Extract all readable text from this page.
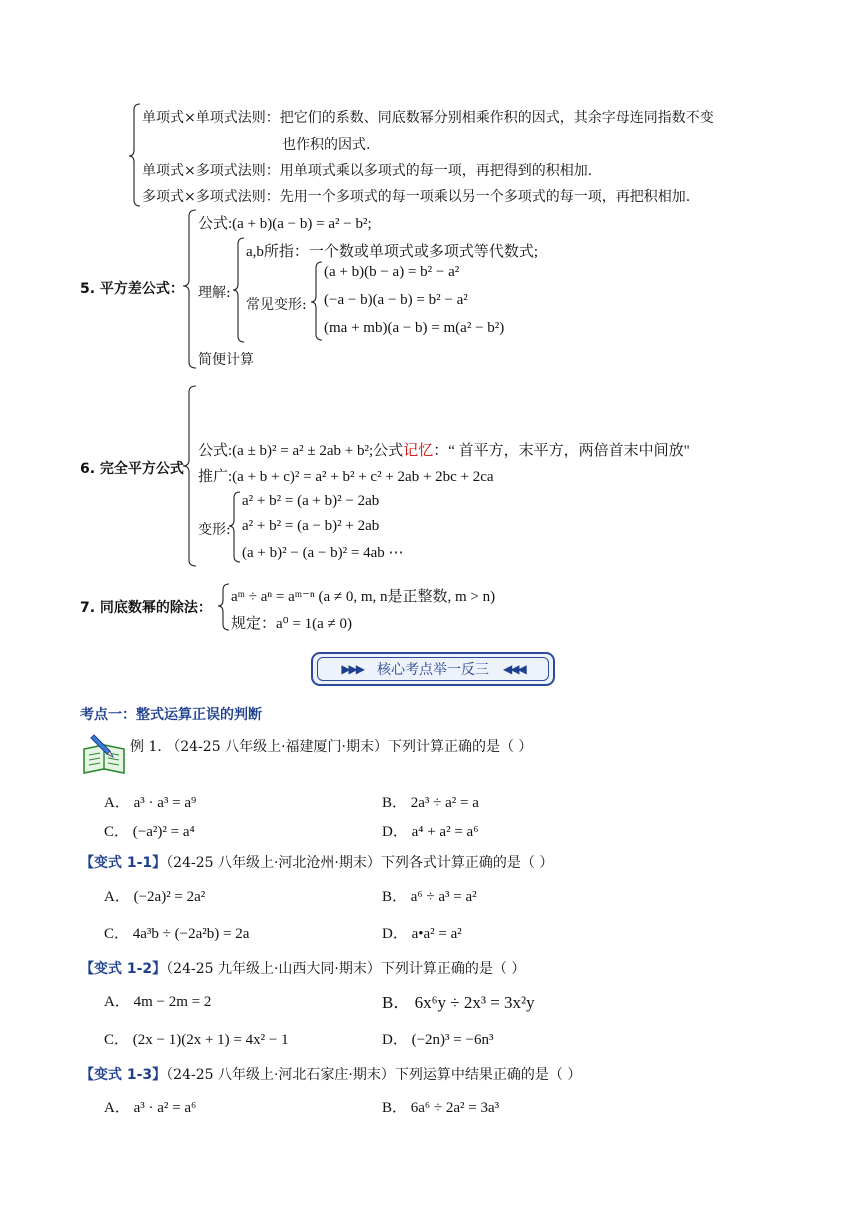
单项式×单项式法则：把它们的系数、同底数幂分别相乘作积的因式，其余字母连同指数不变
也作积的因式.
单项式×多项式法则：用单项式乘以多项式的每一项，再把得到的积相加.
多项式×多项式法则：先用一个多项式的每一项乘以另一个多项式的每一项，再把积相加.
5. 平方差公式：
公式:(a + b)(a − b) = a² − b²;
理解:
a,b所指：一个数或单项式或多项式等代数式;
常见变形:
(a + b)(b − a) = b² − a²
(−a − b)(a − b) = b² − a²
(ma + mb)(a − b) = m(a² − b²)
简便计算
6. 完全平方公式
公式:(a ± b)² = a² ± 2ab + b²;公式记忆：“ 首平方，末平方，两倍首末中间放"
推广:(a + b + c)² = a² + b² + c² + 2ab + 2bc + 2ca
变形:
a² + b² = (a + b)² − 2ab
a² + b² = (a − b)² + 2ab
(a + b)² − (a − b)² = 4ab ⋯
7. 同底数幂的除法：
aᵐ ÷ aⁿ = aᵐ⁻ⁿ (a ≠ 0, m, n是正整数, m > n)
规定：a⁰ = 1(a ≠ 0)
▶▶▶ 核心考点举一反三 ◀◀◀
考点一：整式运算正误的判断
例 1. （24-25 八年级上·福建厦门·期末）下列计算正确的是（ ）
A． a³ · a³ = a⁹	B． 2a³ ÷ a² = a
C． (−a²)² = a⁴	D． a⁴ + a² = a⁶
【变式 1-1】（24-25 八年级上·河北沧州·期末）下列各式计算正确的是（ ）
A． (−2a)² = 2a²	B． a⁶ ÷ a³ = a²
C． 4a³b ÷ (−2a²b) = 2a	D． a•a² = a²
【变式 1-2】（24-25 九年级上·山西大同·期末）下列计算正确的是（ ）
A． 4m − 2m = 2	B． 6x⁶y ÷ 2x³ = 3x²y
C． (2x − 1)(2x + 1) = 4x² − 1	D． (−2n)³ = −6n³
【变式 1-3】（24-25 八年级上·河北石家庄·期末）下列运算中结果正确的是（ ）
A． a³ · a² = a⁶	B． 6a⁶ ÷ 2a² = 3a³
